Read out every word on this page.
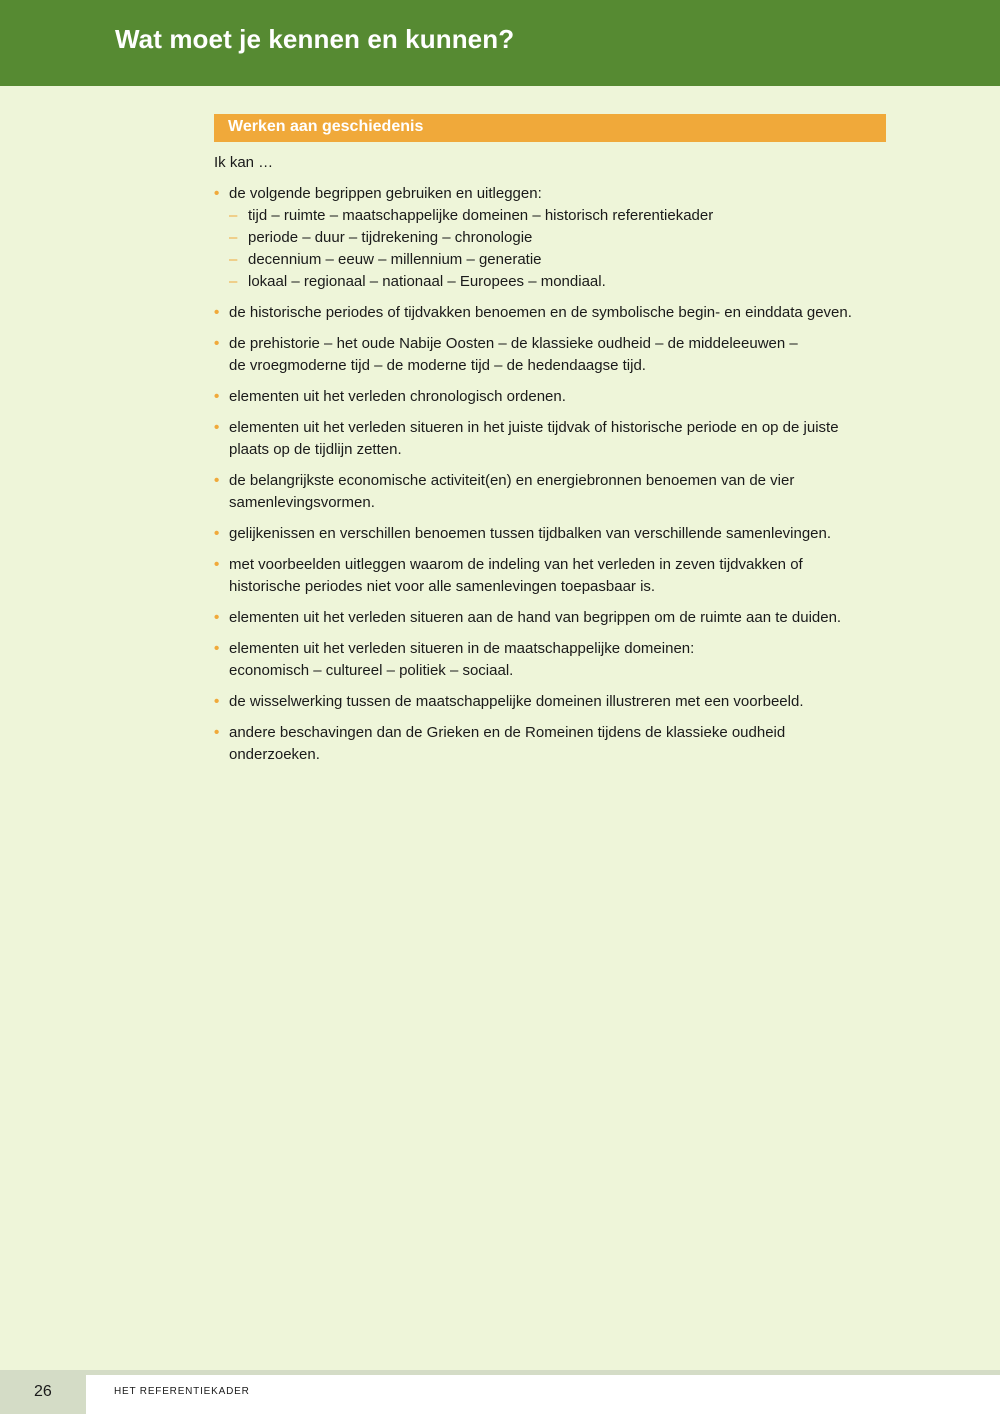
Wat moet je kennen en kunnen?
Werken aan geschiedenis

Ik kan …

• de volgende begrippen gebruiken en uitleggen:
– tijd – ruimte – maatschappelijke domeinen – historisch referentiekader
– periode – duur – tijdrekening – chronologie
– decennium – eeuw – millennium – generatie
– lokaal – regionaal – nationaal – Europees – mondiaal.
• de historische periodes of tijdvakken benoemen en de symbolische begin- en einddata geven.
• de prehistorie – het oude Nabije Oosten – de klassieke oudheid – de middeleeuwen –
de vroegmoderne tijd – de moderne tijd – de hedendaagse tijd.
• elementen uit het verleden chronologisch ordenen.
• elementen uit het verleden situeren in het juiste tijdvak of historische periode en op de juiste
plaats op de tijdlijn zetten.
• de belangrijkste economische activiteit(en) en energiebronnen benoemen van de vier
samenlevingsvormen.
• gelijkenissen en verschillen benoemen tussen tijdbalken van verschillende samenlevingen.
• met voorbeelden uitleggen waarom de indeling van het verleden in zeven tijdvakken of
historische periodes niet voor alle samenlevingen toepasbaar is.
• elementen uit het verleden situeren aan de hand van begrippen om de ruimte aan te duiden.
• elementen uit het verleden situeren in de maatschappelijke domeinen:
economisch – cultureel – politiek – sociaal.
• de wisselwerking tussen de maatschappelijke domeinen illustreren met een voorbeeld.
• andere beschavingen dan de Grieken en de Romeinen tijdens de klassieke oudheid
onderzoeken.
26	HET REFERENTIEKADER
